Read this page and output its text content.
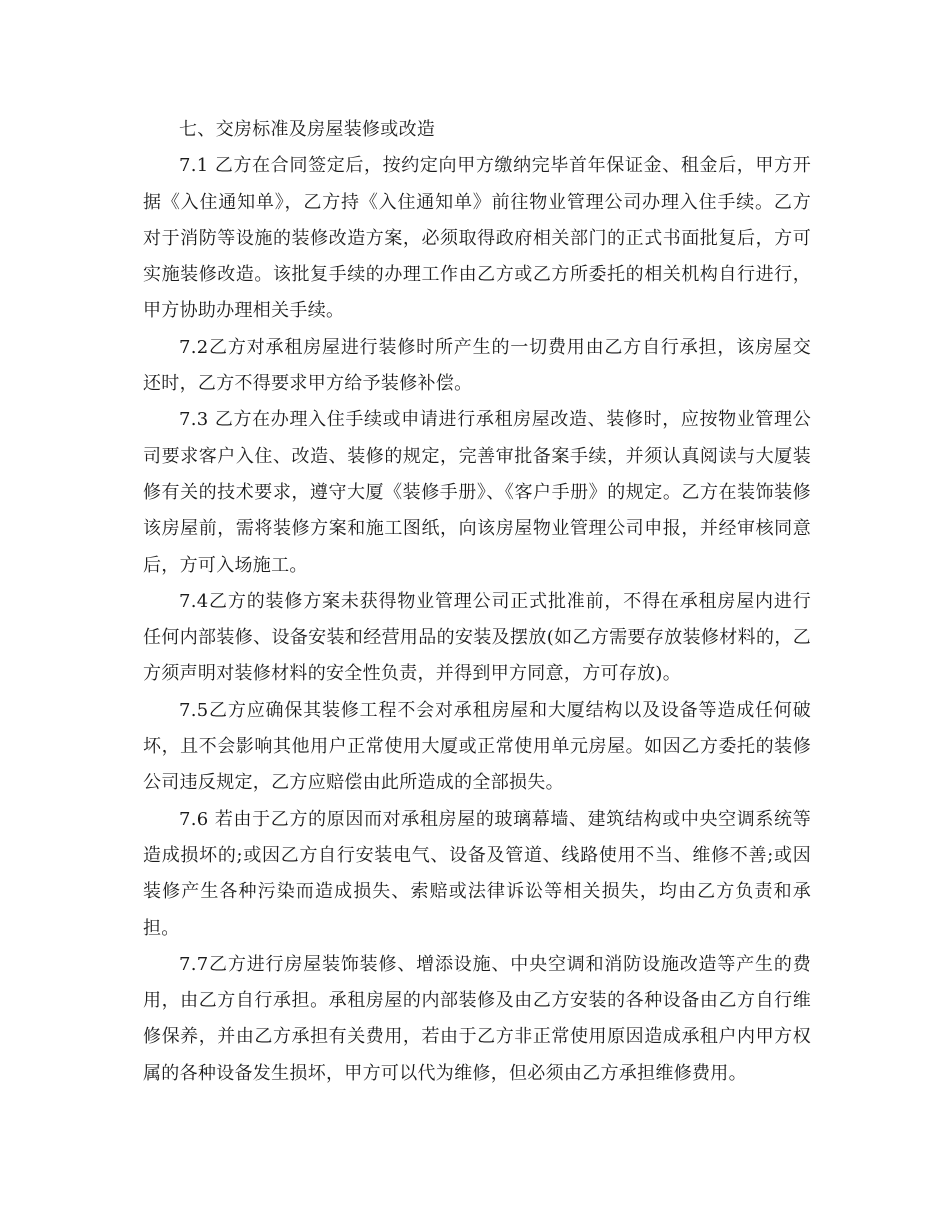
七、交房标准及房屋装修或改造

7.1 乙方在合同签定后，按约定向甲方缴纳完毕首年保证金、租金后，甲方开据《入住通知单》，乙方持《入住通知单》前往物业管理公司办理入住手续。乙方对于消防等设施的装修改造方案，必须取得政府相关部门的正式书面批复后，方可实施装修改造。该批复手续的办理工作由乙方或乙方所委托的相关机构自行进行，甲方协助办理相关手续。

7.2乙方对承租房屋进行装修时所产生的一切费用由乙方自行承担，该房屋交还时，乙方不得要求甲方给予装修补偿。

7.3 乙方在办理入住手续或申请进行承租房屋改造、装修时，应按物业管理公司要求客户入住、改造、装修的规定，完善审批备案手续，并须认真阅读与大厦装修有关的技术要求，遵守大厦《装修手册》、《客户手册》的规定。乙方在装饰装修该房屋前，需将装修方案和施工图纸，向该房屋物业管理公司申报，并经审核同意后，方可入场施工。

7.4乙方的装修方案未获得物业管理公司正式批准前，不得在承租房屋内进行任何内部装修、设备安装和经营用品的安装及摆放(如乙方需要存放装修材料的，乙方须声明对装修材料的安全性负责，并得到甲方同意，方可存放)。

7.5乙方应确保其装修工程不会对承租房屋和大厦结构以及设备等造成任何破坏，且不会影响其他用户正常使用大厦或正常使用单元房屋。如因乙方委托的装修公司违反规定，乙方应赔偿由此所造成的全部损失。

7.6 若由于乙方的原因而对承租房屋的玻璃幕墙、建筑结构或中央空调系统等造成损坏的;或因乙方自行安装电气、设备及管道、线路使用不当、维修不善;或因装修产生各种污染而造成损失、索赔或法律诉讼等相关损失，均由乙方负责和承担。

7.7乙方进行房屋装饰装修、增添设施、中央空调和消防设施改造等产生的费用，由乙方自行承担。承租房屋的内部装修及由乙方安装的各种设备由乙方自行维修保养，并由乙方承担有关费用，若由于乙方非正常使用原因造成承租户内甲方权属的各种设备发生损坏，甲方可以代为维修，但必须由乙方承担维修费用。
